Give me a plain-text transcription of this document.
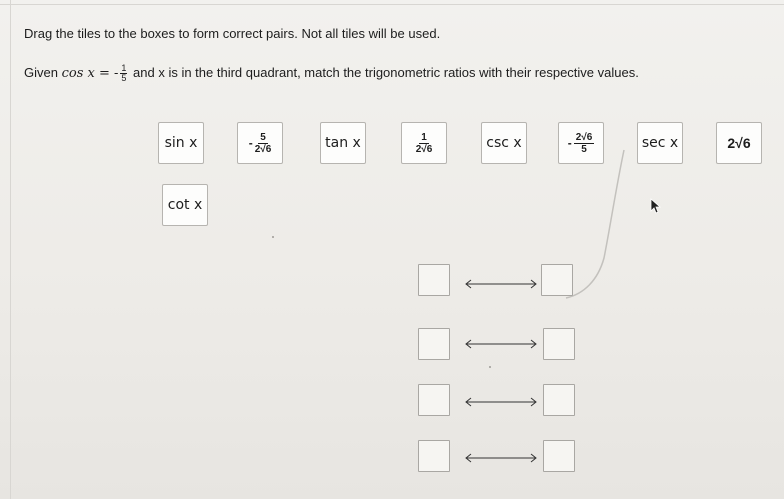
Drag the tiles to the boxes to form correct pairs. Not all tiles will be used.
Given cos x = - $\frac{1}{5}$ and x is in the third quadrant, match the trigonometric ratios with their respective values.
sin x	- $\frac{5}{2√6}$	tan x	$\frac{1}{2√6}$	csc x	- $\frac{2√6}{5}$	sec x	2√6
cot x
